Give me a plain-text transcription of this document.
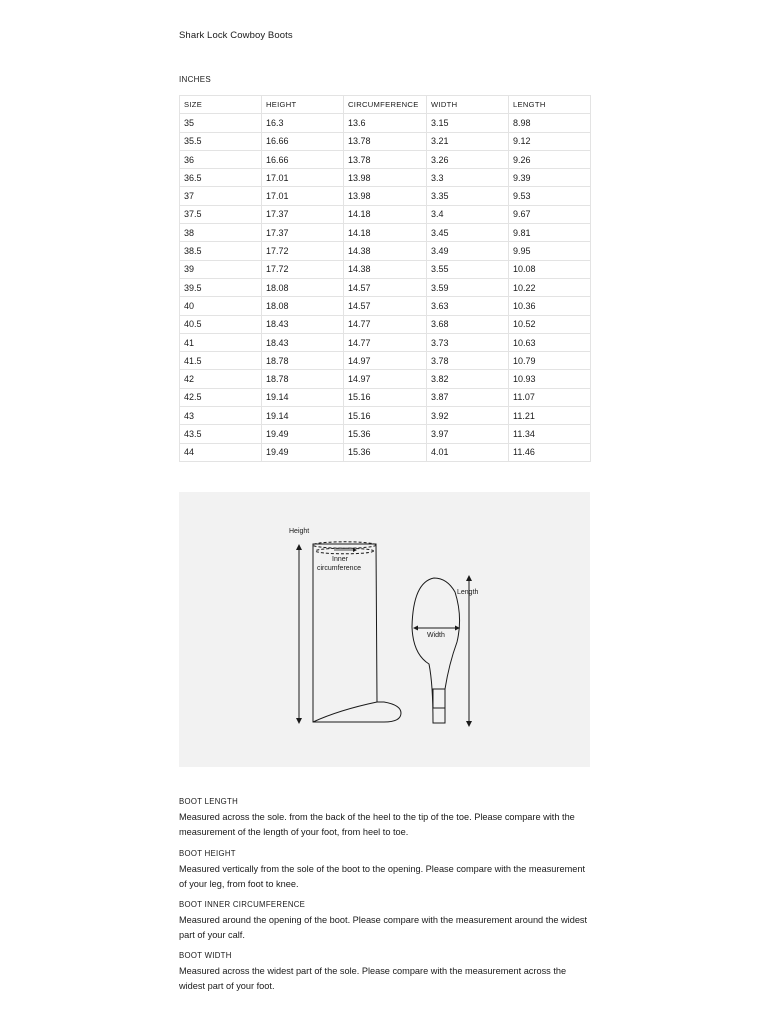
Shark Lock Cowboy Boots
INCHES
SIZE	HEIGHT	CIRCUMFERENCE	WIDTH	LENGTH
35	16.3	13.6	3.15	8.98
35.5	16.66	13.78	3.21	9.12
36	16.66	13.78	3.26	9.26
36.5	17.01	13.98	3.3	9.39
37	17.01	13.98	3.35	9.53
37.5	17.37	14.18	3.4	9.67
38	17.37	14.18	3.45	9.81
38.5	17.72	14.38	3.49	9.95
39	17.72	14.38	3.55	10.08
39.5	18.08	14.57	3.59	10.22
40	18.08	14.57	3.63	10.36
40.5	18.43	14.77	3.68	10.52
41	18.43	14.77	3.73	10.63
41.5	18.78	14.97	3.78	10.79
42	18.78	14.97	3.82	10.93
42.5	19.14	15.16	3.87	11.07
43	19.14	15.16	3.92	11.21
43.5	19.49	15.36	3.97	11.34
44	19.49	15.36	4.01	11.46
Height
Inner
circumference
Length
Width
BOOT LENGTH
Measured across the sole. from the back of the heel to the tip of the toe. Please compare with the measurement of the length of your foot, from heel to toe.
BOOT HEIGHT
Measured vertically from the sole of the boot to the opening. Please compare with the measurement of your leg, from foot to knee.
BOOT INNER CIRCUMFERENCE
Measured around the opening of the boot. Please compare with the measurement around the widest part of your calf.
BOOT WIDTH
Measured across the widest part of the sole. Please compare with the measurement across the widest part of your foot.
